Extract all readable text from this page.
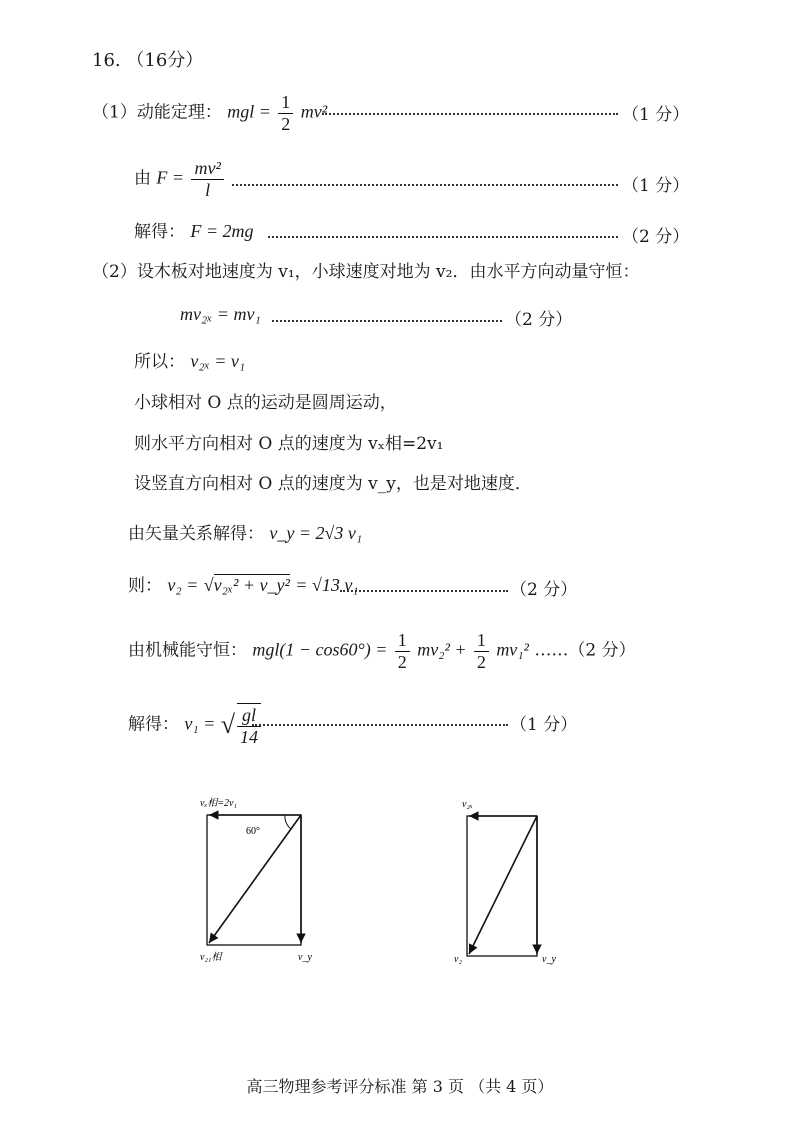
16. （16分）
（1）动能定理： mgl = $\frac{1}{2} mv^2$	（1 分）
由 $F = \frac{\text{mv²}}{l}$	（1 分）
解得： F = 2mg	（2 分）
（2）设木板对地速度为 v₁，小球速度对地为 v₂．由水平方向动量守恒：
mv₂ₓ = mv₁	（2 分）
所以： v₂ₓ = v₁
小球相对 O 点的运动是圆周运动，
则水平方向相对 O 点的速度为 vₓ相=2v₁
设竖直方向相对 O 点的速度为 v_y，也是对地速度．
由矢量关系解得： v_y = 2√3 v₁
则： v₂ = √v₂ₓ² + v_y² = √13 v₁	（2 分）
由机械能守恒： $mgl(1 - \cos 60^\circ) = \frac{1}{2} mv_2^2 + \frac{1}{2} mv_1^2$ ……（2 分）
解得： v₁ = √ $\frac{gl}{14}$	（1 分）
vₓ相=2v₁
60°
v₂₁相	v_y
v₂ₓ
v₂	v_y
高三物理参考评分标准 第 3 页 （共 4 页）
